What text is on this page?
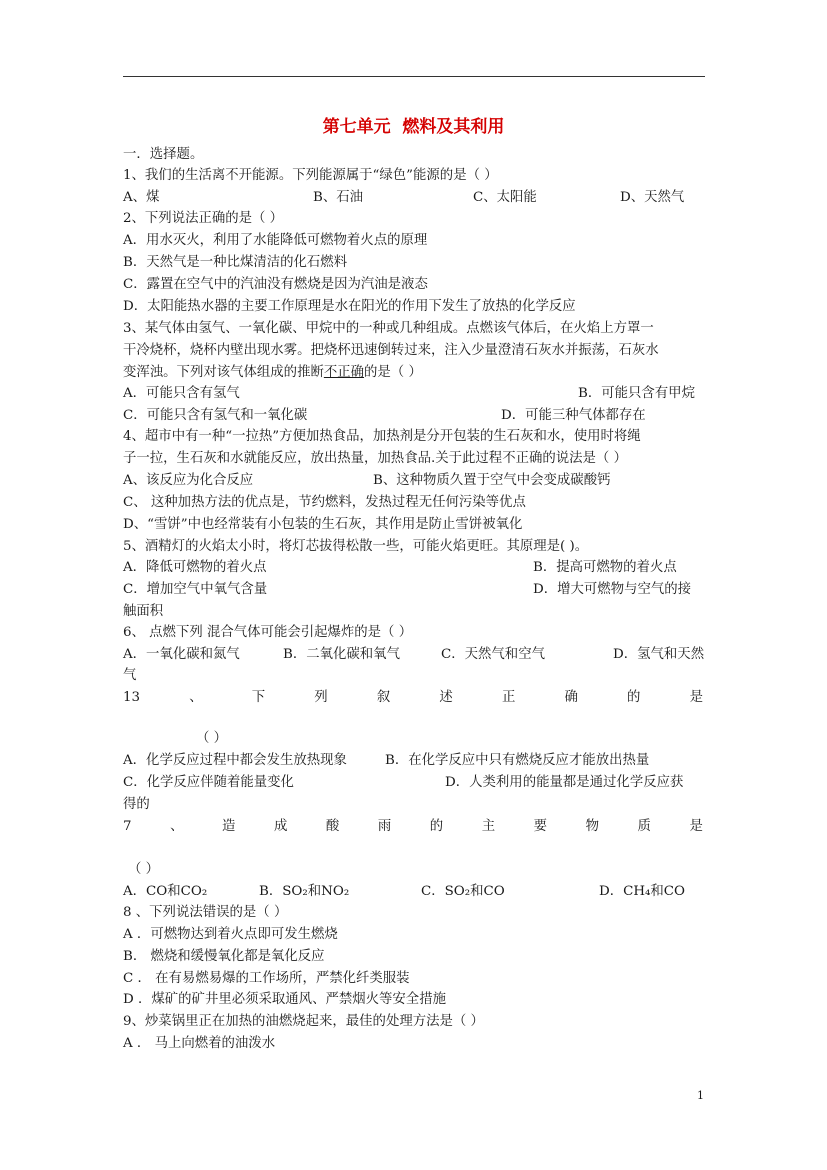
第七单元  燃料及其利用
一．选择题。
1、我们的生活离不开能源。下列能源属于“绿色”能源的是（ ）
A、煤	B、石油	C、太阳能	D、天然气
2、下列说法正确的是（ ）
A．用水灭火，利用了水能降低可燃物着火点的原理
B．天然气是一种比煤清洁的化石燃料
C．露置在空气中的汽油没有燃烧是因为汽油是液态
D．太阳能热水器的主要工作原理是水在阳光的作用下发生了放热的化学反应
3、某气体由氢气、一氧化碳、甲烷中的一种或几种组成。点燃该气体后，在火焰上方罩一
干冷烧杯，烧杯内壁出现水雾。把烧杯迅速倒转过来，注入少量澄清石灰水并振荡，石灰水
变浑浊。下列对该气体组成的推断不正确的是（ ）
A．可能只含有氢气	B．可能只含有甲烷
C．可能只含有氢气和一氧化碳	D．可能三种气体都存在
4、超市中有一种“一拉热”方便加热食品，加热剂是分开包装的生石灰和水，使用时将绳
子一拉，生石灰和水就能反应，放出热量，加热食品.关于此过程不正确的说法是（ ）
A、该反应为化合反应	B、这种物质久置于空气中会变成碳酸钙
C、 这种加热方法的优点是，节约燃料，发热过程无任何污染等优点
D、“雪饼”中也经常装有小包装的生石灰，其作用是防止雪饼被氧化
5、酒精灯的火焰太小时，将灯芯拔得松散一些，可能火焰更旺。其原理是( )。
A．降低可燃物的着火点	B．提高可燃物的着火点
C．增加空气中氧气含量	D．增大可燃物与空气的接
触面积
6、 点燃下列 混合气体可能会引起爆炸的是（ ）
A．一氧化碳和氮气	B．二氧化碳和氧气	C．天然气和空气	D．氢气和天然
气
13	、	下	列	叙	述	正	确	的	是
（ ）
A．化学反应过程中都会发生放热现象	B．在化学反应中只有燃烧反应才能放出热量
C．化学反应伴随着能量变化	D．人类利用的能量都是通过化学反应获
得的
7	、	造	成	酸	雨	的	主	要	物	质	是
（ ）
A．CO和CO₂	B．SO₂和NO₂	C．SO₂和CO	D．CH₄和CO
8 、下列说法错误的是（ ）
A ．可燃物达到着火点即可发生燃烧
B． 燃烧和缓慢氧化都是氧化反应
C ． 在有易燃易爆的工作场所，严禁化纤类服装
D ．煤矿的矿井里必须采取通风、严禁烟火等安全措施
9、炒菜锅里正在加热的油燃烧起来，最佳的处理方法是（ ）
A ． 马上向燃着的油泼水
1
